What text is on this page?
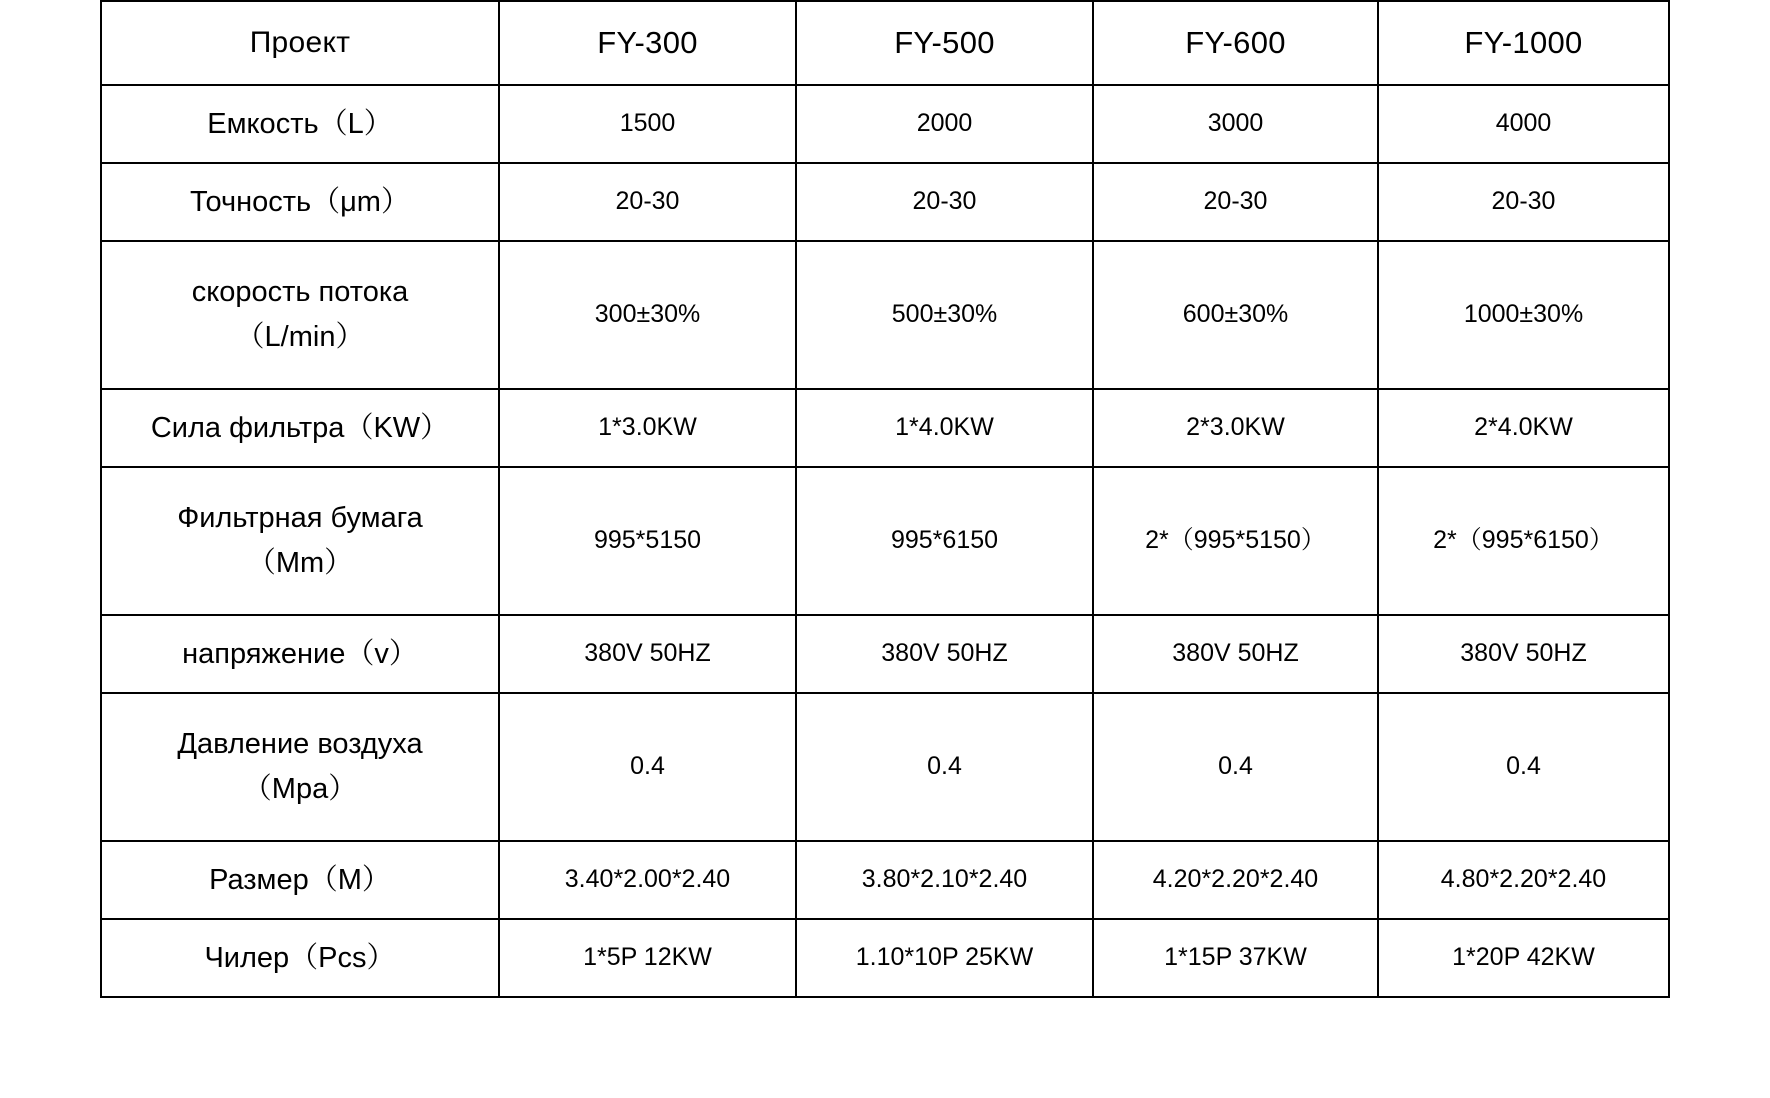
Проект	FY-300	FY-500	FY-600	FY-1000
Емкость（L）	1500	2000	3000	4000
Точность（μm）	20-30	20-30	20-30	20-30

скорость потока
（L/min）	300±30%	500±30%	600±30%	1000±30%
Сила фильтра（KW）	1*3.0KW	1*4.0KW	2*3.0KW	2*4.0KW

Фильтрная бумага
（Mm）	995*5150	995*6150	2*（995*5150）	2*（995*6150）
напряжение（v）	380V 50HZ	380V 50HZ	380V 50HZ	380V 50HZ

Давление воздуха
（Mpa）	0.4	0.4	0.4	0.4
Размер（M）	3.40*2.00*2.40	3.80*2.10*2.40	4.20*2.20*2.40	4.80*2.20*2.40
Чилер（Pcs）	1*5P 12KW	1.10*10P 25KW	1*15P 37KW	1*20P 42KW
